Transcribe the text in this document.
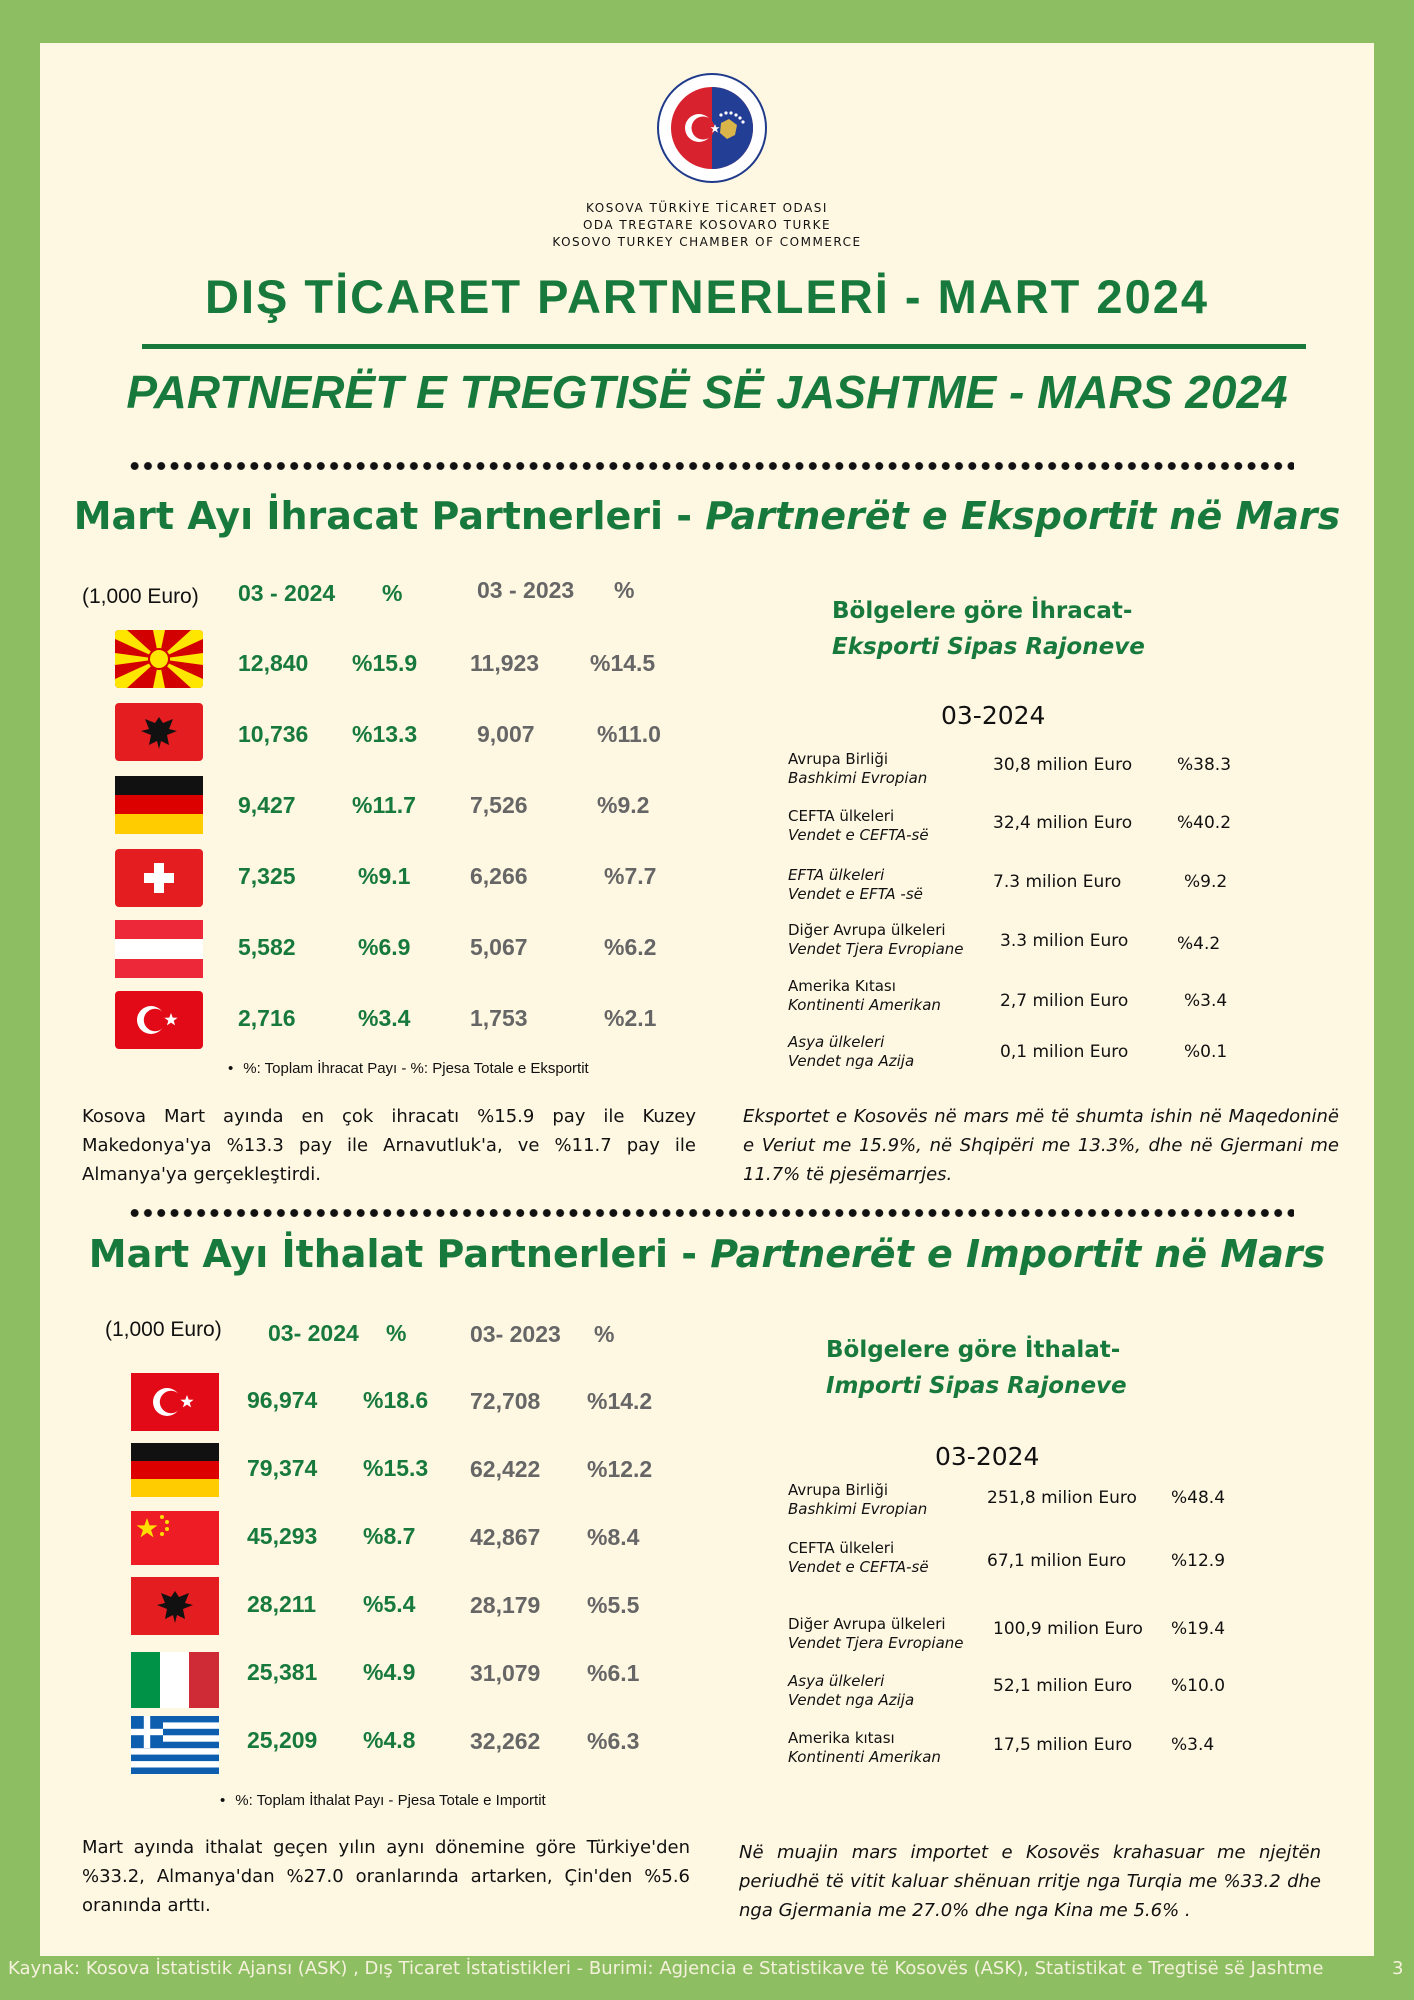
KOSOVA TÜRKİYE TİCARET ODASI
ODA TREGTARE KOSOVARO TURKE
KOSOVO TURKEY CHAMBER OF COMMERCE
DIŞ TİCARET PARTNERLERİ - MART 2024
PARTNERËT E TREGTISË SË JASHTME - MARS 2024
Mart Ayı İhracat Partnerleri - Partnerët e Eksportit në Mars
(1,000 Euro) 03 - 2024 %	03 - 2023 %
12,840 %15.9 11,923 %14.5
10,736 %13.3	9,007	%11.0
9,427 %11.7 7,526	%9.2
7,325	%9.1	6,266	%7.7
5,582	%6.9	5,067	%6.2
2,716	%3.4	1,753	%2.1
• %: Toplam İhracat Payı - %: Pjesa Totale e Eksportit
Bölgelere göre İhracat-
Eksporti Sipas Rajoneve
03-2024
Avrupa Birliği
Bashkimi Evropian
30,8 milion Euro	%38.3
CEFTA ülkeleri
Vendet e CEFTA-së
32,4 milion Euro	%40.2
EFTA ülkeleri
Vendet e EFTA -së
7.3 milion Euro	%9.2
Diğer Avrupa ülkeleri
Vendet Tjera Evropiane 3.3 milion Euro	%4.2
Amerika Kıtası
Kontinenti Amerikan	2,7 milion Euro	%3.4
Asya ülkeleri
Vendet nga Azija	0,1 milion Euro	%0.1
Kosova Mart ayında en çok ihracatı %15.9 pay ile Kuzey Makedonya'ya %13.3 pay ile Arnavutluk'a, ve %11.7 pay ile Almanya'ya gerçekleştirdi.
Eksportet e Kosovës në mars më të shumta ishin në Maqedoninë e Veriut me 15.9%, në Shqipëri me 13.3%, dhe në Gjermani me 11.7% të pjesëmarrjes.
Mart Ayı İthalat Partnerleri - Partnerët e Importit në Mars
(1,000 Euro) 03- 2024 %	03- 2023 %
96,974 %18.6 72,708 %14.2
79,374 %15.3 62,422 %12.2
45,293 %8.7 42,867 %8.4
28,211 %5.4 28,179 %5.5
25,381 %4.9 31,079 %6.1
25,209 %4.8 32,262 %6.3
• %: Toplam İthalat Payı - Pjesa Totale e Importit
Bölgelere göre İthalat-
Importi Sipas Rajoneve
03-2024
Avrupa Birliği
Bashkimi Evropian
251,8 milion Euro %48.4
CEFTA ülkeleri
Vendet e CEFTA-së	67,1 milion Euro	%12.9
Diğer Avrupa ülkeleri
Vendet Tjera Evropiane
100,9 milion Euro %19.4
Asya ülkeleri
Vendet nga Azija
52,1 milion Euro %10.0
Amerika kıtası
Kontinenti Amerikan
17,5 milion Euro %3.4
Mart ayında ithalat geçen yılın aynı dönemine göre Türkiye'den %33.2, Almanya'dan %27.0 oranlarında artarken, Çin'den %5.6 oranında arttı.
Në muajin mars importet e Kosovës krahasuar me njejtën periudhë të vitit kaluar shënuan rritje nga Turqia me %33.2 dhe nga Gjermania me 27.0% dhe nga Kina me 5.6% .
Kaynak: Kosova İstatistik Ajansı (ASK) , Dış Ticaret İstatistikleri - Burimi: Agjencia e Statistikave të Kosovës (ASK), Statistikat e Tregtisë së Jashtme	3
